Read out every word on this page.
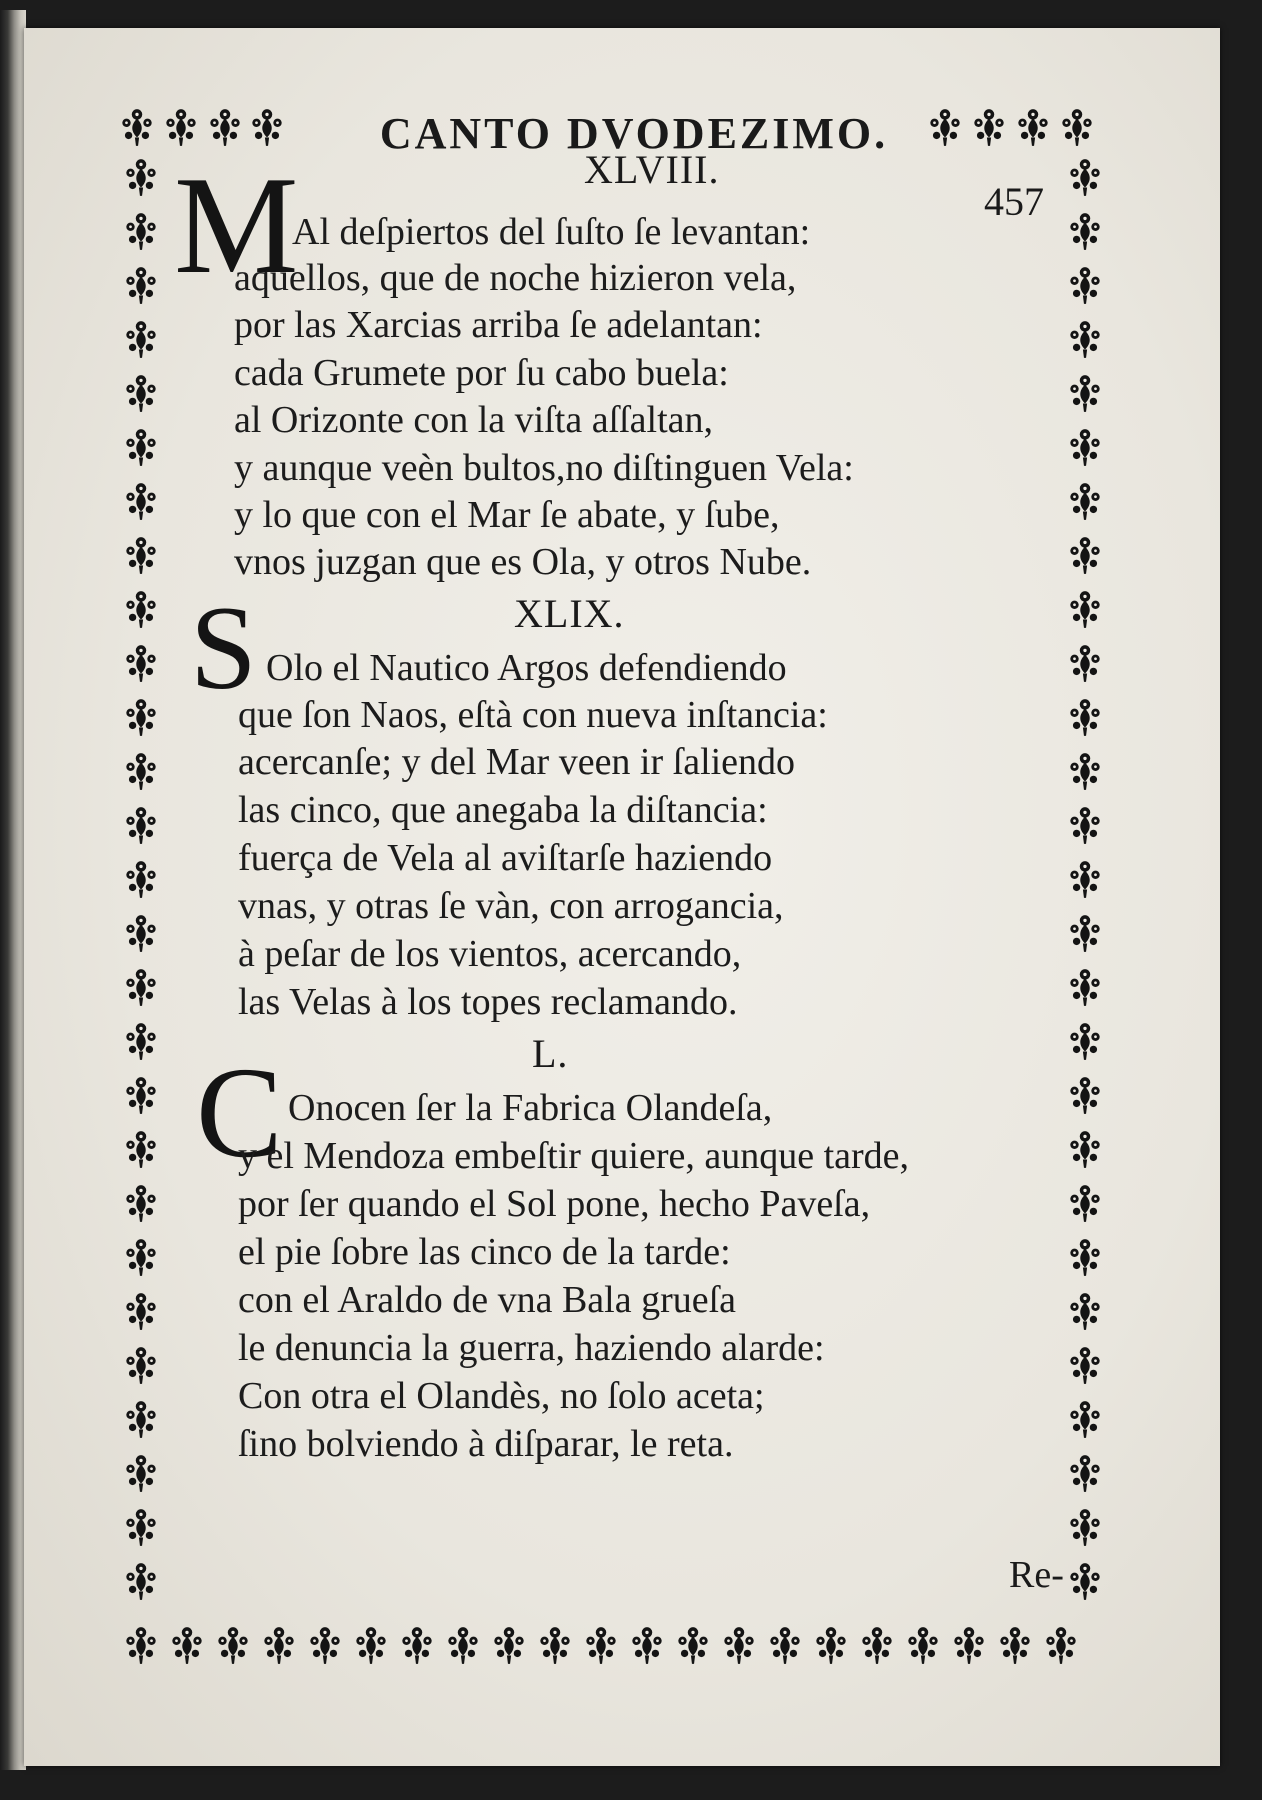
CANTO DVODEZIMO.
457
XLVIII.
M
Al deſpiertos del ſuſto ſe levantan:
aquellos, que de noche hizieron vela,
por las Xarcias arriba ſe adelantan:
cada Grumete por ſu cabo buela:
al Orizonte con la viſta aſſaltan,
y aunque veèn bultos,no diſtinguen Vela:
y lo que con el Mar ſe abate, y ſube,
vnos juzgan que es Ola, y otros Nube.
XLIX.
S Olo el Nautico Argos defendiendo
que ſon Naos, eſtà con nueva inſtancia:
acercanſe; y del Mar veen ir ſaliendo
las cinco, que anegaba la diſtancia:
fuerça de Vela al aviſtarſe haziendo
vnas, y otras ſe vàn, con arrogancia,
à peſar de los vientos, acercando,
las Velas à los topes reclamando.
L.
C Onocen ſer la Fabrica Olandeſa,
y el Mendoza embeſtir quiere, aunque tarde,
por ſer quando el Sol pone, hecho Paveſa,
el pie ſobre las cinco de la tarde:
con el Araldo de vna Bala grueſa
le denuncia la guerra, haziendo alarde:
Con otra el Olandès, no ſolo aceta;
ſino bolviendo à diſparar, le reta.
Re-
